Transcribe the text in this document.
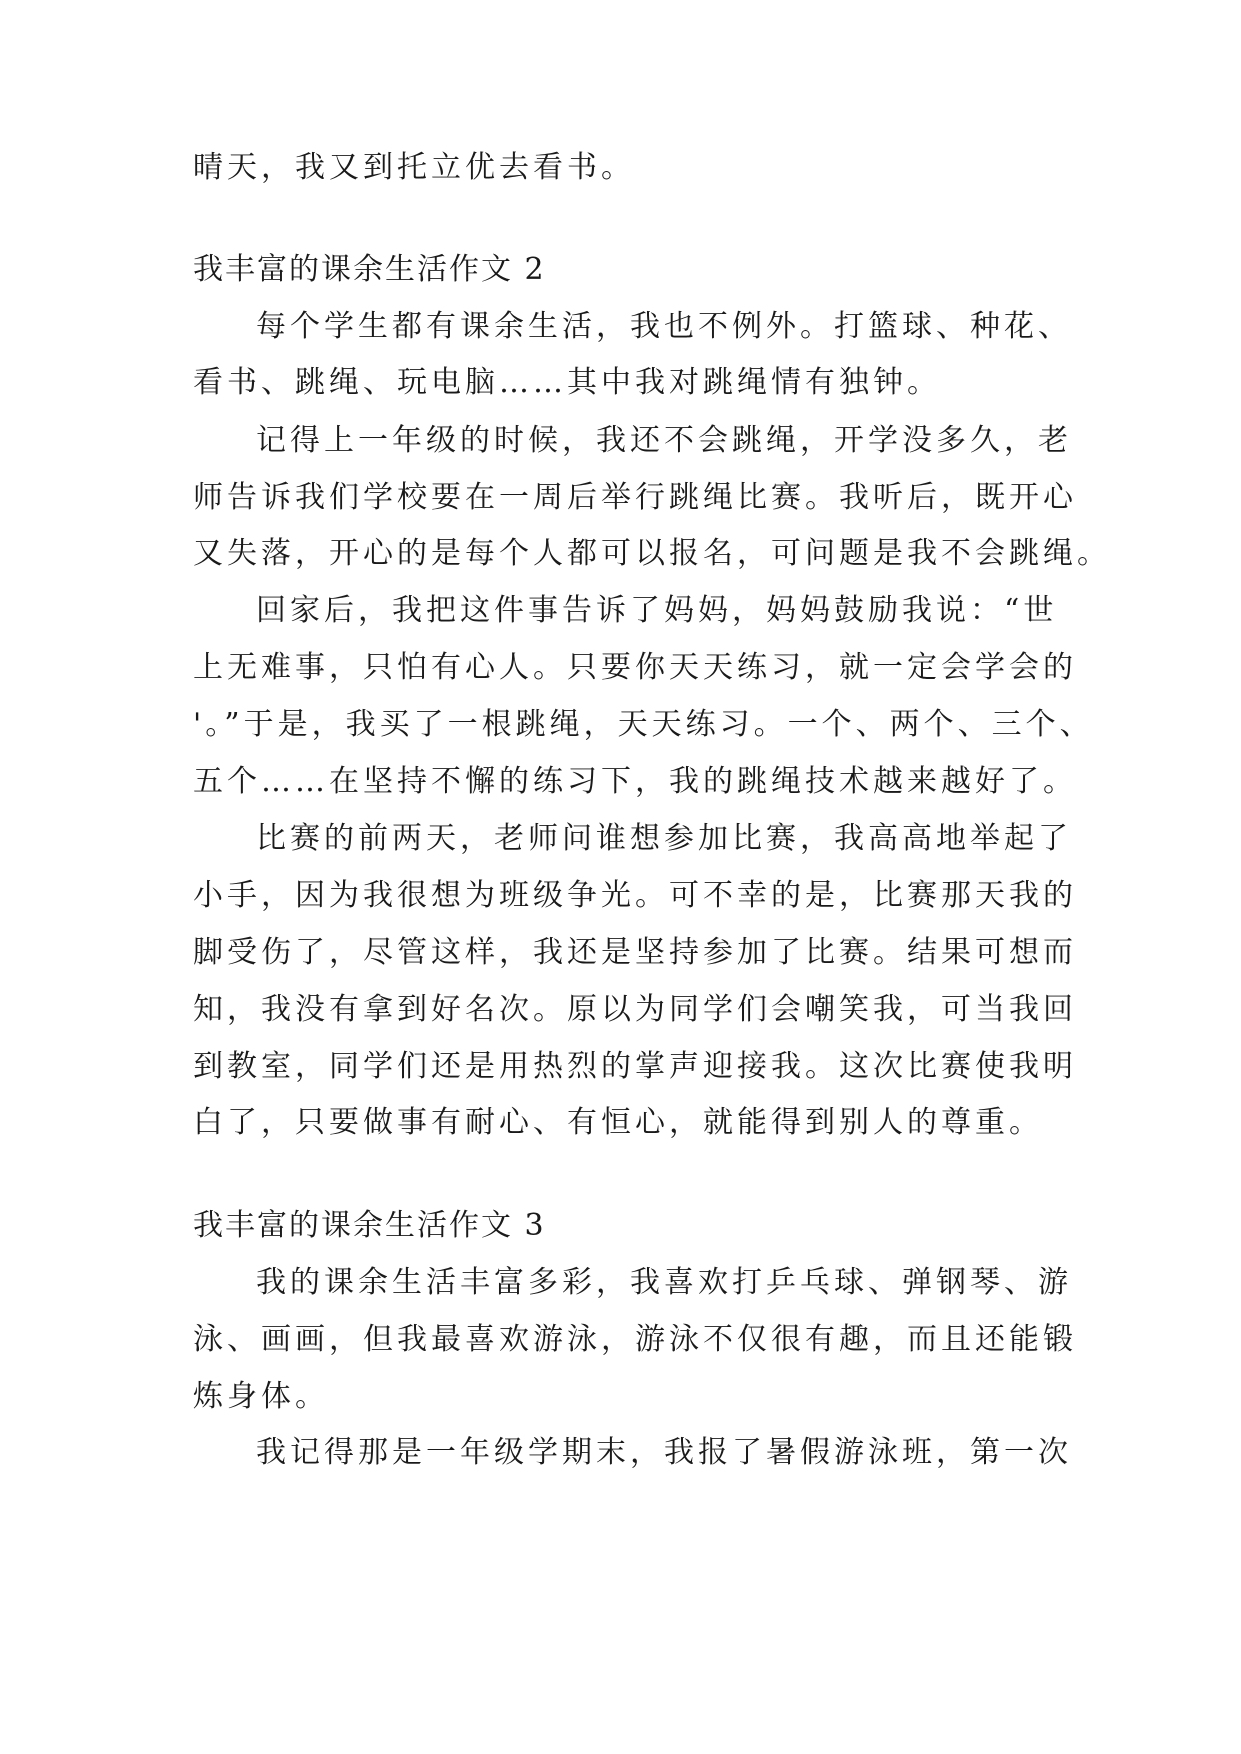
晴天，我又到托立优去看书。

我丰富的课余生活作文 2

每个学生都有课余生活，我也不例外。打篮球、种花、

看书、跳绳、玩电脑……其中我对跳绳情有独钟。

记得上一年级的时候，我还不会跳绳，开学没多久，老

师告诉我们学校要在一周后举行跳绳比赛。我听后，既开心

又失落，开心的是每个人都可以报名，可问题是我不会跳绳。

回家后，我把这件事告诉了妈妈，妈妈鼓励我说：“世

上无难事，只怕有心人。只要你天天练习，就一定会学会的

'。”于是，我买了一根跳绳，天天练习。一个、两个、三个、

五个……在坚持不懈的练习下，我的跳绳技术越来越好了。

比赛的前两天，老师问谁想参加比赛，我高高地举起了

小手，因为我很想为班级争光。可不幸的是，比赛那天我的

脚受伤了，尽管这样，我还是坚持参加了比赛。结果可想而

知，我没有拿到好名次。原以为同学们会嘲笑我，可当我回

到教室，同学们还是用热烈的掌声迎接我。这次比赛使我明

白了，只要做事有耐心、有恒心，就能得到别人的尊重。

我丰富的课余生活作文 3

我的课余生活丰富多彩，我喜欢打乒乓球、弹钢琴、游

泳、画画，但我最喜欢游泳，游泳不仅很有趣，而且还能锻

炼身体。

我记得那是一年级学期末，我报了暑假游泳班，第一次
